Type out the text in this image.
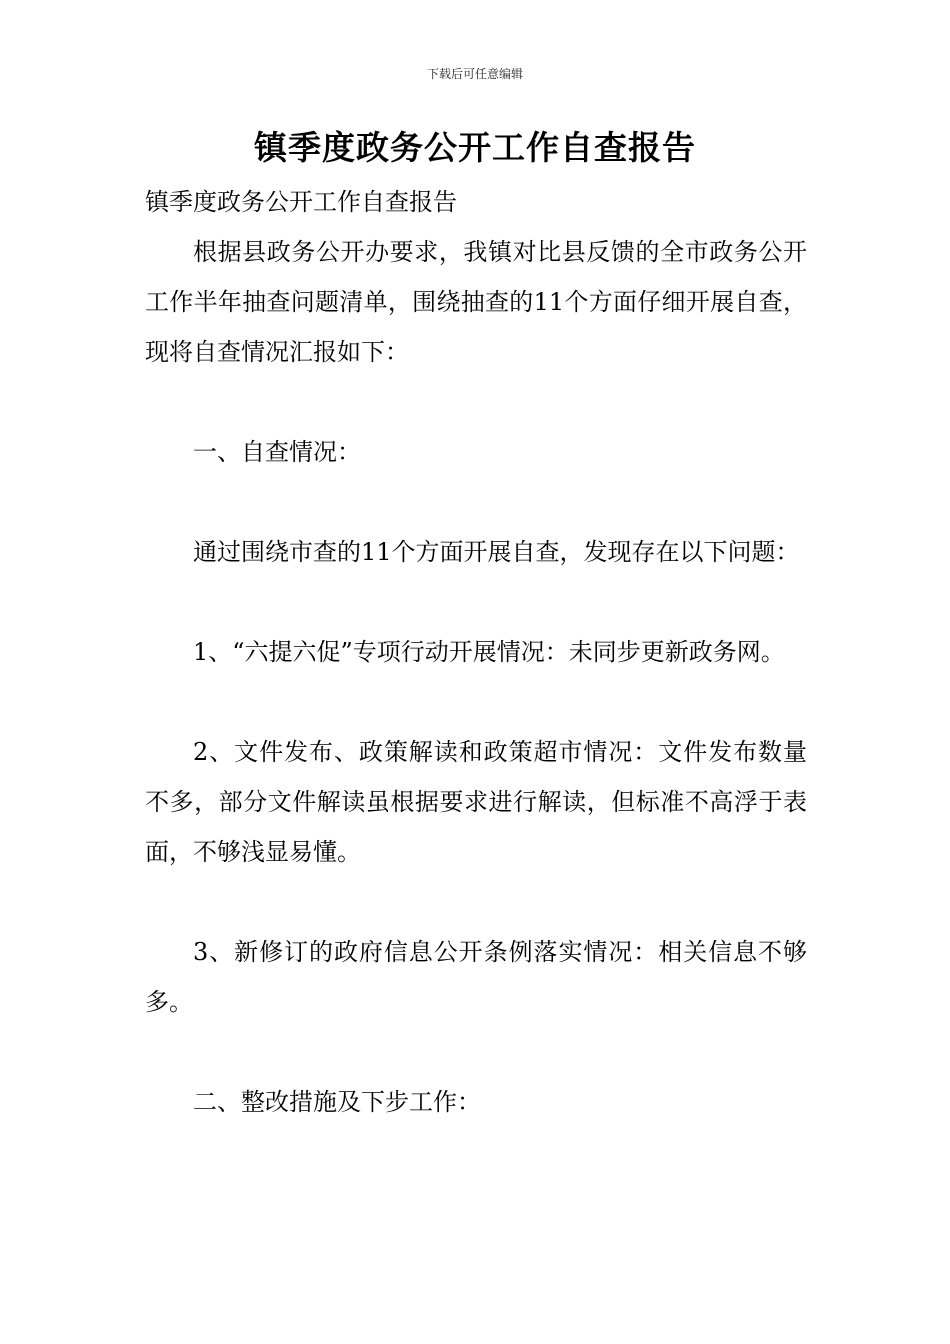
下载后可任意编辑
镇季度政务公开工作自查报告

镇季度政务公开工作自查报告

根据县政务公开办要求，我镇对比县反馈的全市政务公开工作半年抽查问题清单，围绕抽查的11个方面仔细开展自查，现将自查情况汇报如下：

一、自查情况：

通过围绕市查的11个方面开展自查，发现存在以下问题：

1、“六提六促”专项行动开展情况：未同步更新政务网。

2、文件发布、政策解读和政策超市情况：文件发布数量不多，部分文件解读虽根据要求进行解读，但标准不高浮于表面，不够浅显易懂。

3、新修订的政府信息公开条例落实情况：相关信息不够多。

二、整改措施及下步工作：
